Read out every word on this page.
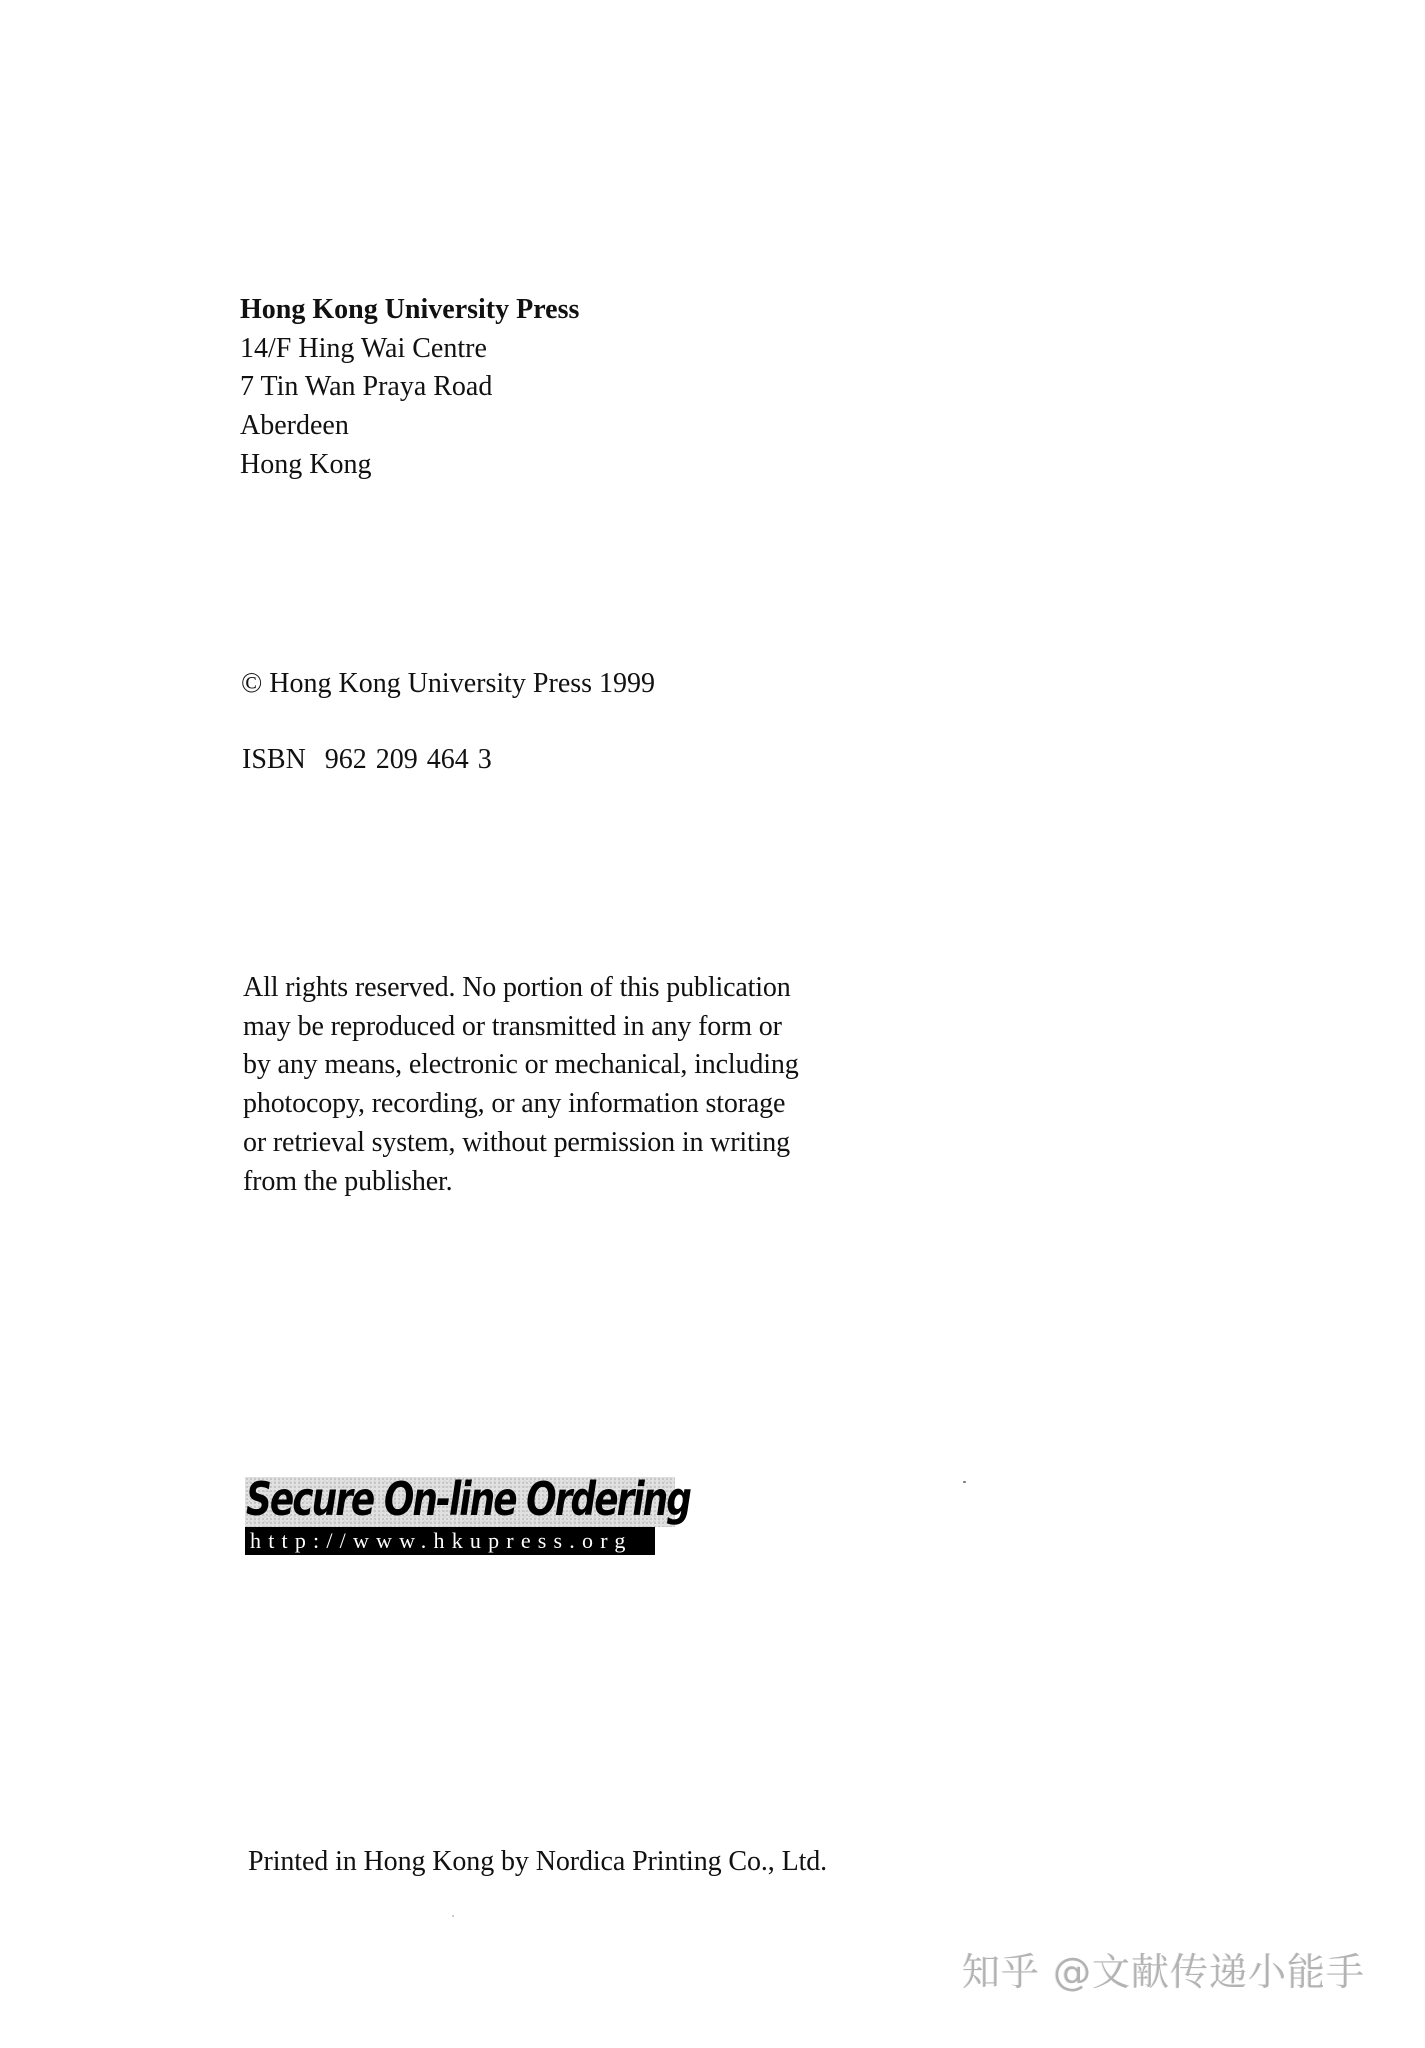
Hong Kong University Press
14/F Hing Wai Centre
7 Tin Wan Praya Road
Aberdeen
Hong Kong
© Hong Kong University Press 1999
ISBN 962 209 464 3
All rights reserved. No portion of this publication
may be reproduced or transmitted in any form or
by any means, electronic or mechanical, including
photocopy, recording, or any information storage
or retrieval system, without permission in writing
from the publisher.
Secure On-line Ordering
http://www.hkupress.org
Printed in Hong Kong by Nordica Printing Co., Ltd.
知乎 @文献传递小能手
